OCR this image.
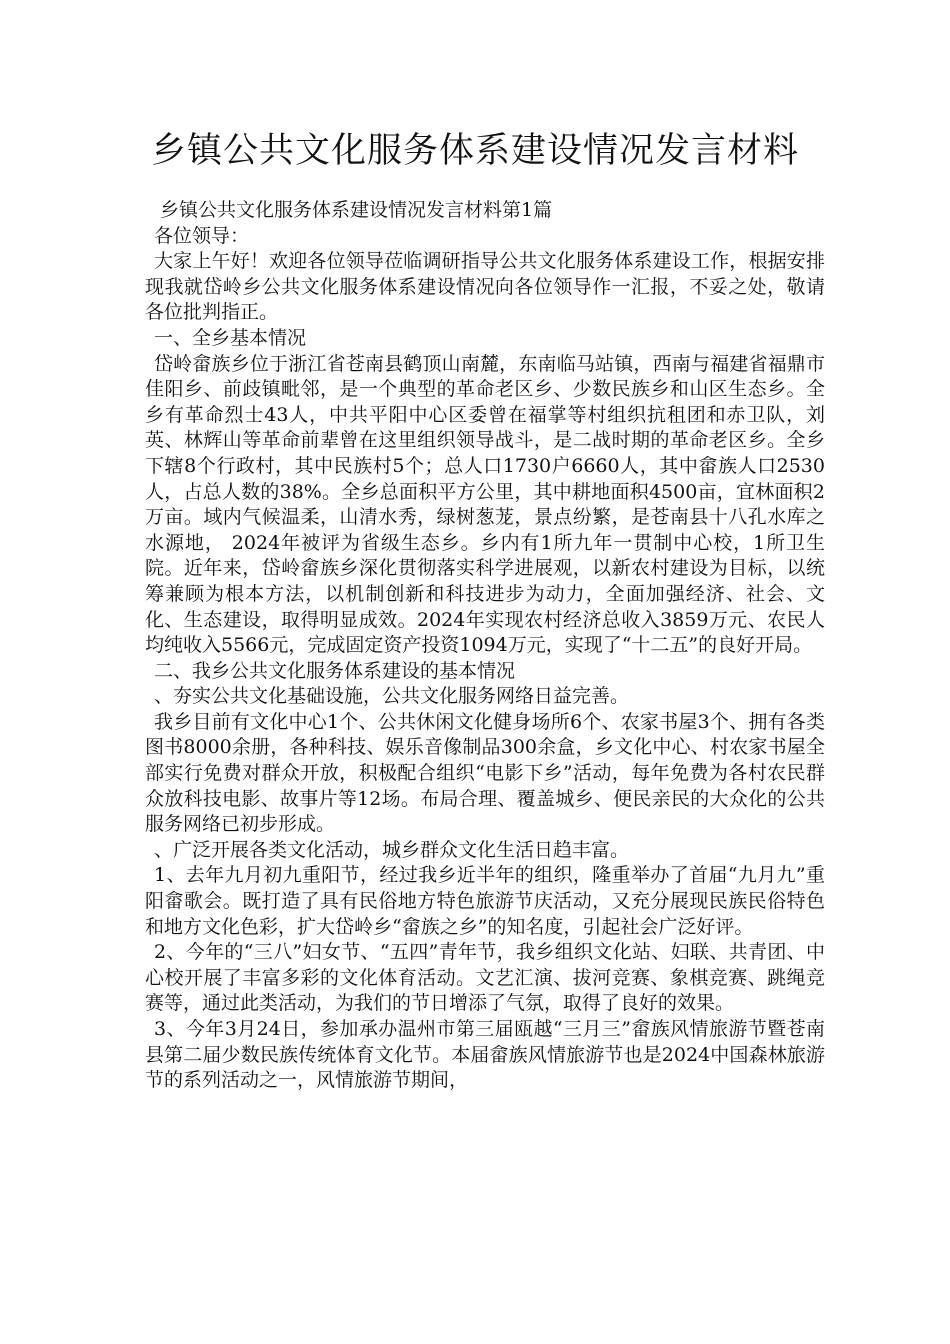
乡镇公共文化服务体系建设情况发言材料

乡镇公共文化服务体系建设情况发言材料第1篇

各位领导：

大家上午好！欢迎各位领导莅临调研指导公共文化服务体系建设工作，根据安排现我就岱岭乡公共文化服务体系建设情况向各位领导作一汇报，不妥之处，敬请各位批判指正。

一、全乡基本情况

岱岭畲族乡位于浙江省苍南县鹤顶山南麓，东南临马站镇，西南与福建省福鼎市佳阳乡、前歧镇毗邻，是一个典型的革命老区乡、少数民族乡和山区生态乡。全乡有革命烈士43人，中共平阳中心区委曾在福掌等村组织抗租团和赤卫队，刘英、林辉山等革命前辈曾在这里组织领导战斗，是二战时期的革命老区乡。全乡下辖8个行政村，其中民族村5个；总人口1730户6660人，其中畲族人口2530人，占总人数的38%。全乡总面积平方公里，其中耕地面积4500亩，宜林面积2万亩。域内气候温柔，山清水秀，绿树葱茏，景点纷繁，是苍南县十八孔水库之水源地， 2024年被评为省级生态乡。乡内有1所九年一贯制中心校，1所卫生院。近年来，岱岭畲族乡深化贯彻落实科学进展观，以新农村建设为目标，以统筹兼顾为根本方法，以机制创新和科技进步为动力，全面加强经济、社会、文化、生态建设，取得明显成效。2024年实现农村经济总收入3859万元、农民人均纯收入5566元，完成固定资产投资1094万元，实现了“十二五”的良好开局。

二、我乡公共文化服务体系建设的基本情况

、夯实公共文化基础设施，公共文化服务网络日益完善。

我乡目前有文化中心1个、公共休闲文化健身场所6个、农家书屋3个、拥有各类图书8000余册，各种科技、娱乐音像制品300余盒，乡文化中心、村农家书屋全部实行免费对群众开放，积极配合组织“电影下乡”活动，每年免费为各村农民群众放科技电影、故事片等12场。布局合理、覆盖城乡、便民亲民的大众化的公共服务网络已初步形成。

、广泛开展各类文化活动，城乡群众文化生活日趋丰富。

1、去年九月初九重阳节，经过我乡近半年的组织，隆重举办了首届“九月九”重阳畲歌会。既打造了具有民俗地方特色旅游节庆活动，又充分展现民族民俗特色和地方文化色彩，扩大岱岭乡“畲族之乡”的知名度，引起社会广泛好评。

2、今年的“三八”妇女节、“五四”青年节，我乡组织文化站、妇联、共青团、中心校开展了丰富多彩的文化体育活动。文艺汇演、拔河竞赛、象棋竞赛、跳绳竞赛等，通过此类活动，为我们的节日增添了气氛，取得了良好的效果。

3、今年3月24日，参加承办温州市第三届瓯越“三月三”畲族风情旅游节暨苍南县第二届少数民族传统体育文化节。本届畲族风情旅游节也是2024中国森林旅游节的系列活动之一，风情旅游节期间，
